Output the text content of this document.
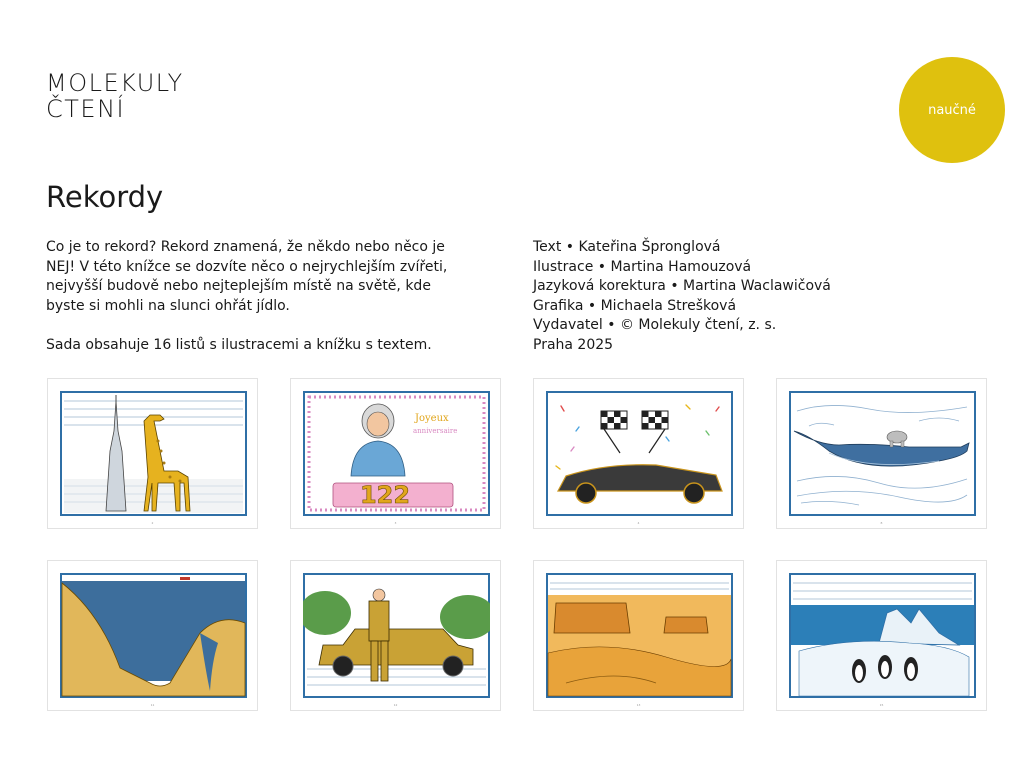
MOLEKULY
ČTENÍ	naučné
Rekordy

Co je to rekord? Rekord znamená, že někdo nebo něco je NEJ! V této knížce se dozvíte něco o nejrychlejším zvířeti, nejvyšší budově nebo nejteplejším místě na světě, kde byste si mohli na slunci ohřát jídlo.

Sada obsahuje 16 listů s ilustracemi a knížku s textem.

Text • Kateřina Špronglová
Ilustrace • Martina Hamouzová
Jazyková korektura • Martina Waclawičová
Grafika • Michaela Strešková
Vydavatel • © Molekuly čtení, z. s.
Praha 2025
2
122
Joyeux
anniversaire
3	4	8
11	12	13	15
